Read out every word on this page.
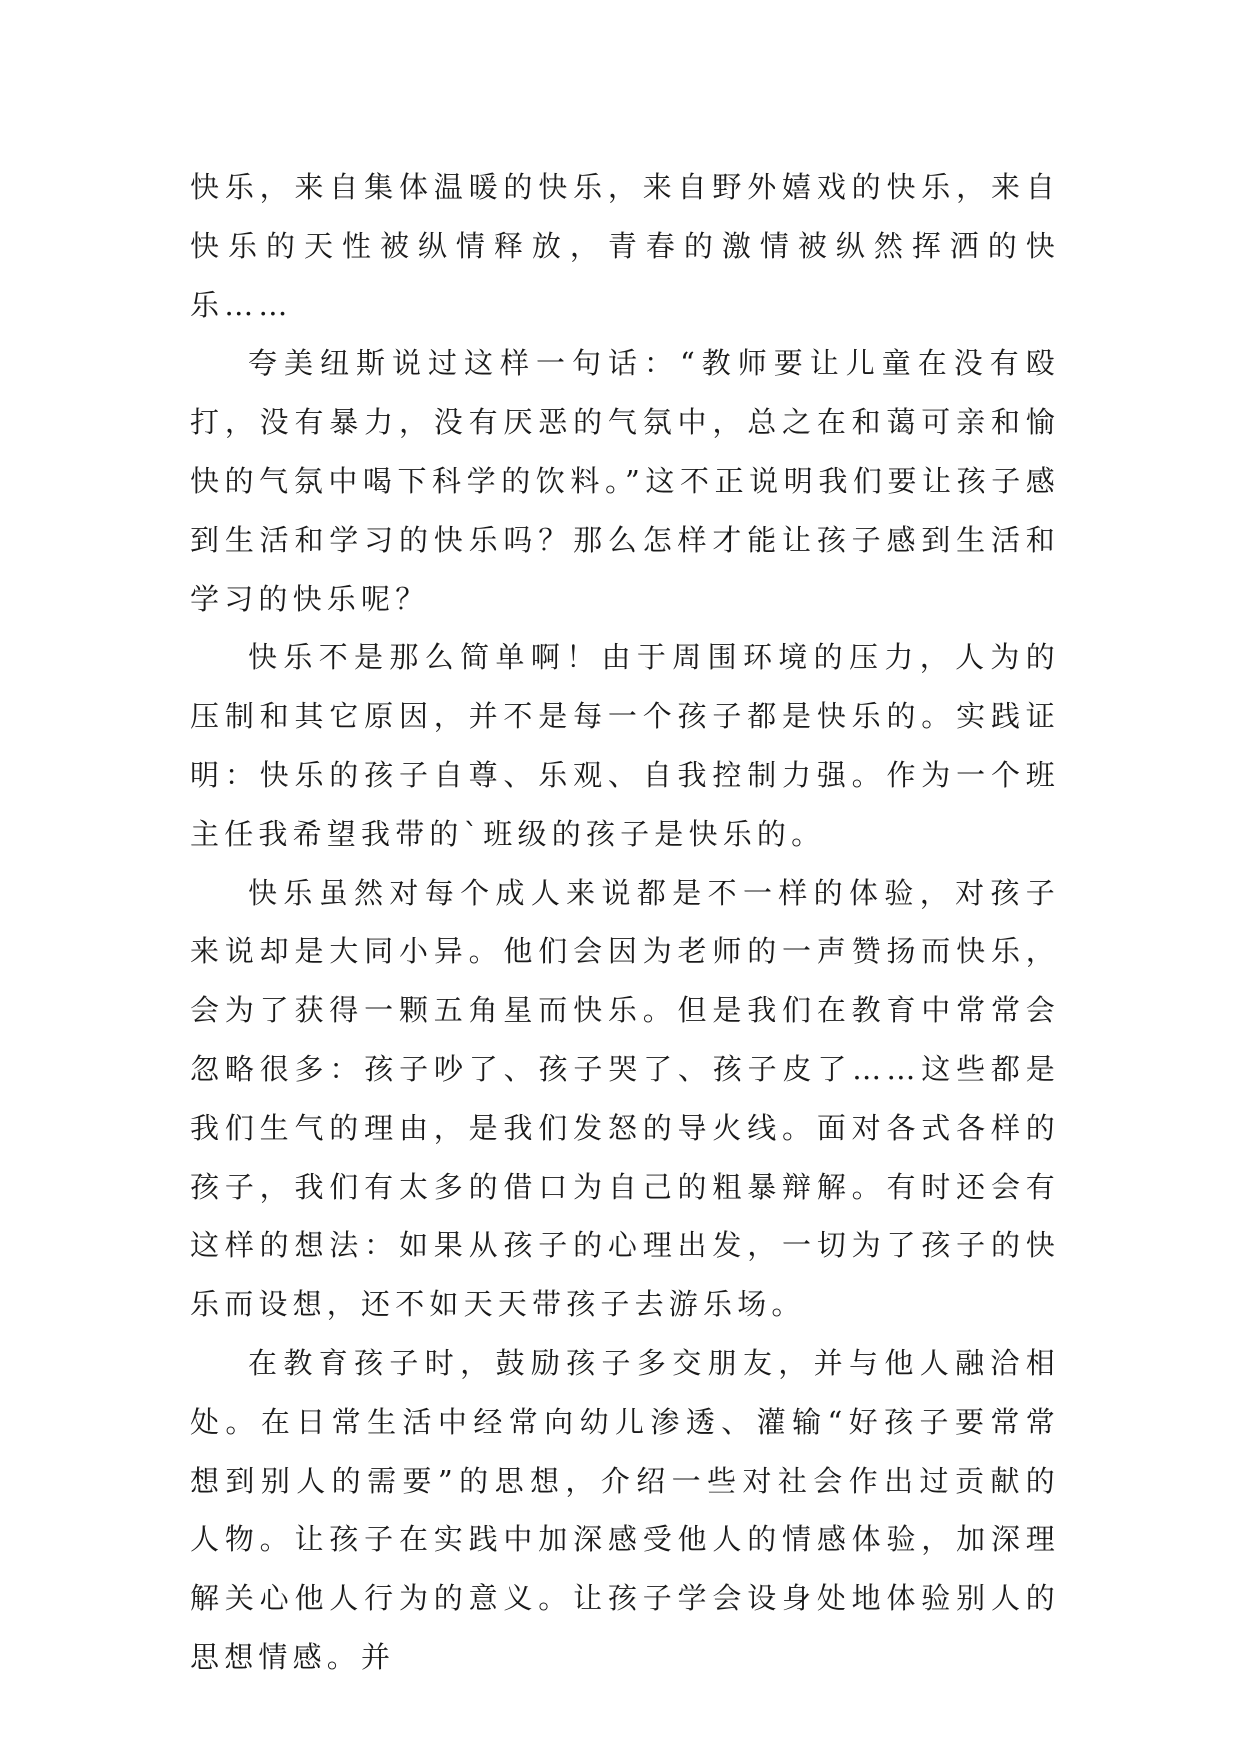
快乐，来自集体温暖的快乐，来自野外嬉戏的快乐，来自快乐的天性被纵情释放，青春的激情被纵然挥洒的快乐……

夸美纽斯说过这样一句话：“教师要让儿童在没有殴打，没有暴力，没有厌恶的气氛中，总之在和蔼可亲和愉快的气氛中喝下科学的饮料。”这不正说明我们要让孩子感到生活和学习的快乐吗？那么怎样才能让孩子感到生活和学习的快乐呢？

快乐不是那么简单啊！由于周围环境的压力，人为的压制和其它原因，并不是每一个孩子都是快乐的。实践证明：快乐的孩子自尊、乐观、自我控制力强。作为一个班主任我希望我带的`班级的孩子是快乐的。

快乐虽然对每个成人来说都是不一样的体验，对孩子来说却是大同小异。他们会因为老师的一声赞扬而快乐，会为了获得一颗五角星而快乐。但是我们在教育中常常会忽略很多：孩子吵了、孩子哭了、孩子皮了……这些都是我们生气的理由，是我们发怒的导火线。面对各式各样的孩子，我们有太多的借口为自己的粗暴辩解。有时还会有这样的想法：如果从孩子的心理出发，一切为了孩子的快乐而设想，还不如天天带孩子去游乐场。

在教育孩子时，鼓励孩子多交朋友，并与他人融洽相处。在日常生活中经常向幼儿渗透、灌输“好孩子要常常想到别人的需要”的思想，介绍一些对社会作出过贡献的人物。让孩子在实践中加深感受他人的情感体验，加深理解关心他人行为的意义。让孩子学会设身处地体验别人的思想情感。并
